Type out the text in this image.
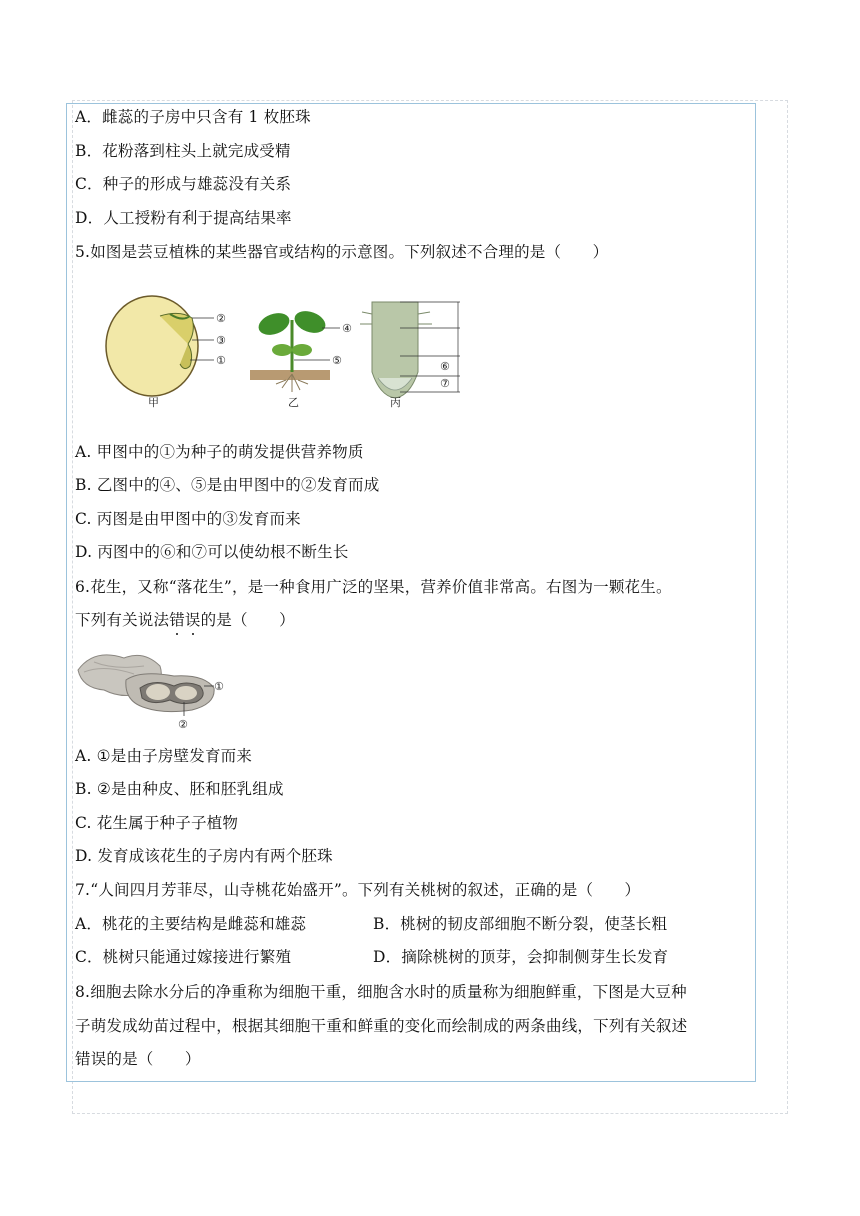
A．雌蕊的子房中只含有 1 枚胚珠
B．花粉落到柱头上就完成受精
C．种子的形成与雄蕊没有关系
D．人工授粉有利于提高结果率
5.如图是芸豆植株的某些器官或结构的示意图。下列叙述不合理的是（　　）
②
③
①
甲
④
⑤
乙
⑥
⑦
丙
A. 甲图中的①为种子的萌发提供营养物质
B. 乙图中的④、⑤是由甲图中的②发育而成
C. 丙图是由甲图中的③发育而来
D. 丙图中的⑥和⑦可以使幼根不断生长
6.花生，又称“落花生”，是一种食用广泛的坚果，营养价值非常高。右图为一颗花生。
下列有关说法错误的是（　　）
①
②
A. ①是由子房壁发育而来
B. ②是由种皮、胚和胚乳组成
C. 花生属于种子子植物
D. 发育成该花生的子房内有两个胚珠
7.“人间四月芳菲尽，山寺桃花始盛开”。下列有关桃树的叙述，正确的是（　　）
A．桃花的主要结构是雌蕊和雄蕊	B．桃树的韧皮部细胞不断分裂，使茎长粗
C．桃树只能通过嫁接进行繁殖	D．摘除桃树的顶芽，会抑制侧芽生长发育
8.细胞去除水分后的净重称为细胞干重，细胞含水时的质量称为细胞鲜重，下图是大豆种
子萌发成幼苗过程中，根据其细胞干重和鲜重的变化而绘制成的两条曲线，下列有关叙述
错误的是（　　）
